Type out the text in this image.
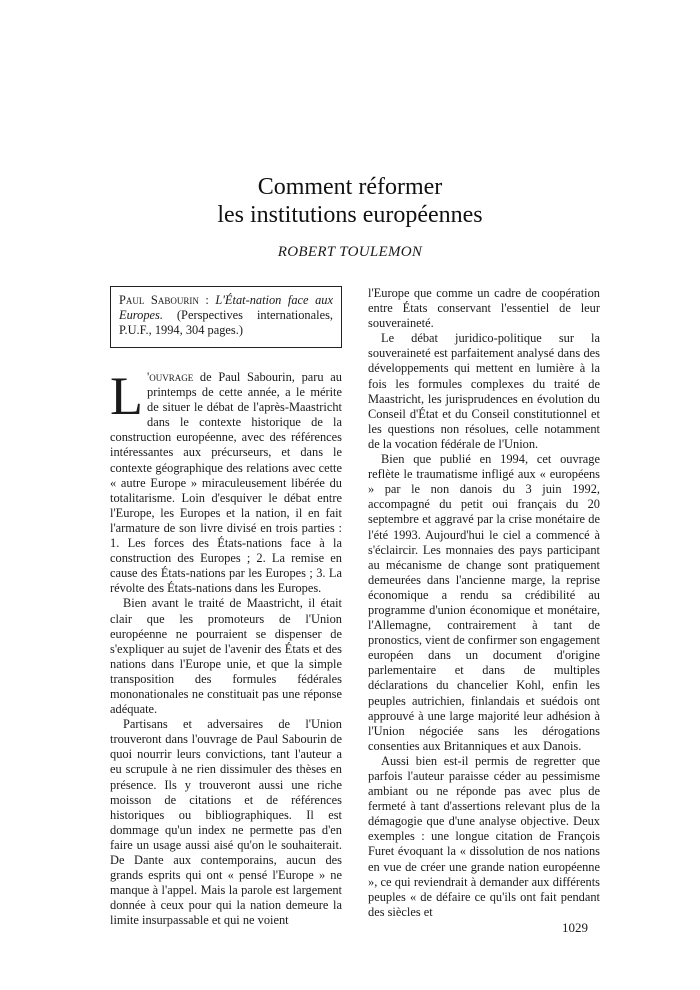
Comment réformer
les institutions européennes
ROBERT TOULEMON
Paul Sabourin : L'État-nation face aux Europes. (Perspectives internationales, P.U.F., 1994, 304 pages.)

L 'ouvrage de Paul Sabourin, paru au printemps de cette année, a le mérite de situer le débat de l'après-Maastricht dans le contexte historique de la construction européenne, avec des références intéressantes aux précurseurs, et dans le contexte géographique des relations avec cette « autre Europe » miraculeusement libérée du totalitarisme. Loin d'esquiver le débat entre l'Europe, les Europes et la nation, il en fait l'armature de son livre divisé en trois parties : 1. Les forces des États-nations face à la construction des Europes ; 2. La remise en cause des États-nations par les Europes ; 3. La révolte des États-nations dans les Europes.

Bien avant le traité de Maastricht, il était clair que les promoteurs de l'Union européenne ne pourraient se dispenser de s'expliquer au sujet de l'avenir des États et des nations dans l'Europe unie, et que la simple transposition des formules fédérales mononationales ne constituait pas une réponse adéquate.

Partisans et adversaires de l'Union trouveront dans l'ouvrage de Paul Sabourin de quoi nourrir leurs convictions, tant l'auteur a eu scrupule à ne rien dissimuler des thèses en présence. Ils y trouveront aussi une riche moisson de citations et de références historiques ou bibliographiques. Il est dommage qu'un index ne permette pas d'en faire un usage aussi aisé qu'on le souhaiterait. De Dante aux contemporains, aucun des grands esprits qui ont « pensé l'Europe » ne manque à l'appel. Mais la parole est largement donnée à ceux pour qui la nation demeure la limite insurpassable et qui ne voient

l'Europe que comme un cadre de coopération entre États conservant l'essentiel de leur souveraineté.

Le débat juridico-politique sur la souveraineté est parfaitement analysé dans des développements qui mettent en lumière à la fois les formules complexes du traité de Maastricht, les jurisprudences en évolution du Conseil d'État et du Conseil constitutionnel et les questions non résolues, celle notamment de la vocation fédérale de l'Union.

Bien que publié en 1994, cet ouvrage reflète le traumatisme infligé aux « européens » par le non danois du 3 juin 1992, accompagné du petit oui français du 20 septembre et aggravé par la crise monétaire de l'été 1993. Aujourd'hui le ciel a commencé à s'éclaircir. Les monnaies des pays participant au mécanisme de change sont pratiquement demeurées dans l'ancienne marge, la reprise économique a rendu sa crédibilité au programme d'union économique et monétaire, l'Allemagne, contrairement à tant de pronostics, vient de confirmer son engagement européen dans un document d'origine parlementaire et dans de multiples déclarations du chancelier Kohl, enfin les peuples autrichien, finlandais et suédois ont approuvé à une large majorité leur adhésion à l'Union négociée sans les dérogations consenties aux Britanniques et aux Danois.

Aussi bien est-il permis de regretter que parfois l'auteur paraisse céder au pessimisme ambiant ou ne réponde pas avec plus de fermeté à tant d'assertions relevant plus de la démagogie que d'une analyse objective. Deux exemples : une longue citation de François Furet évoquant la « dissolution de nos nations en vue de créer une grande nation européenne », ce qui reviendrait à demander aux différents peuples « de défaire ce qu'ils ont fait pendant des siècles et

1029
